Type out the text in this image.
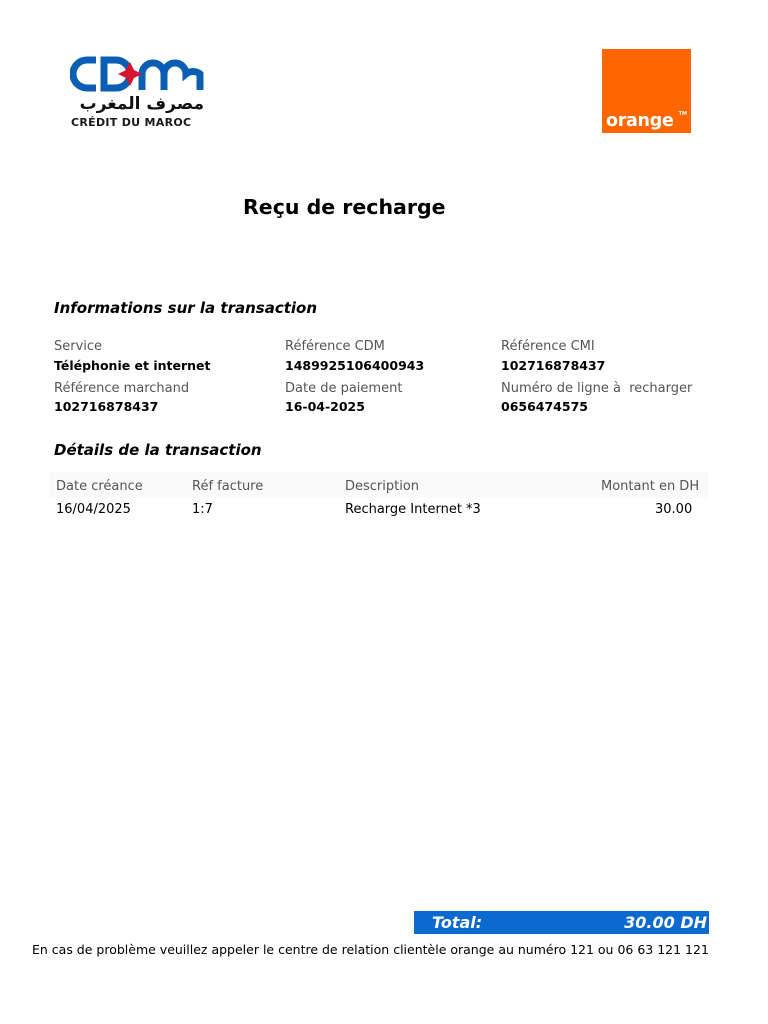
مصرف المغرب
CRÉDIT DU MAROC
TM
orange
Reçu de recharge
Informations sur la transaction
Service
Téléphonie et internet
Référence CDM
1489925106400943
Référence CMI
102716878437
Référence marchand
102716878437
Date de paiement
16-04-2025
Numéro de ligne à  recharger
0656474575
Détails de la transaction
Date créance	Réf facture	Description	Montant en DH
16/04/2025	1:7	Recharge Internet *3	30.00
Total:	30.00 DH
En cas de problème veuillez appeler le centre de relation clientèle orange au numéro 121 ou 06 63 121 121
